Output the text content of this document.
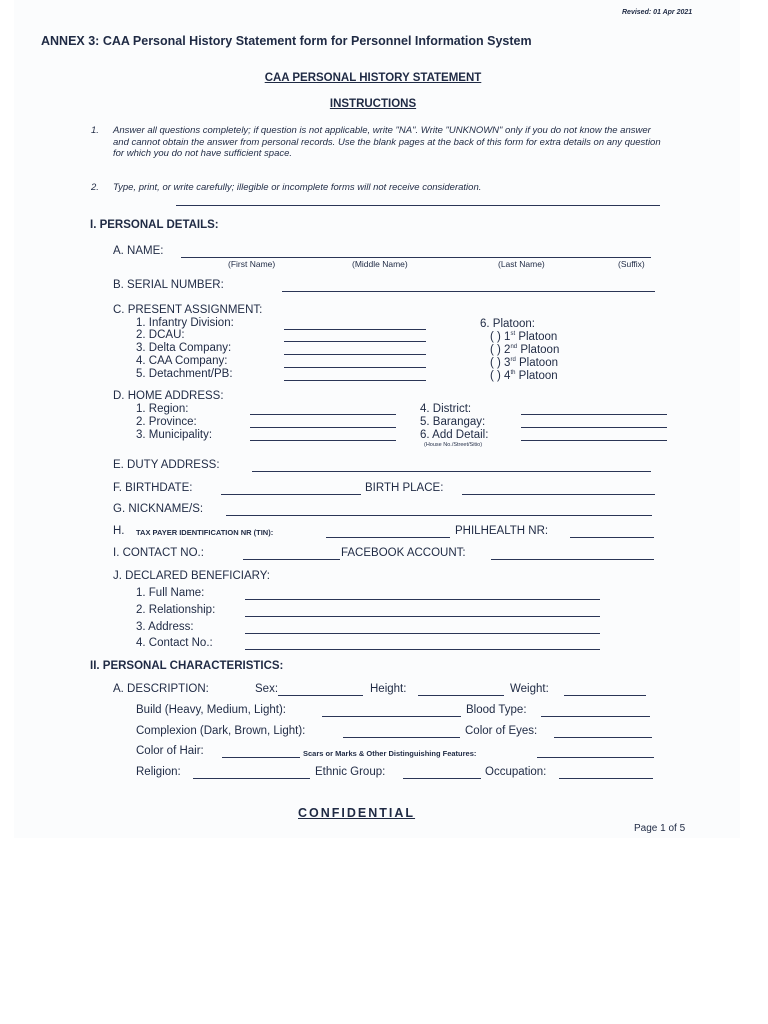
Revised: 01 Apr 2021
ANNEX 3: CAA Personal History Statement form for Personnel Information System
CAA PERSONAL HISTORY STATEMENT
INSTRUCTIONS
1. Answer all questions completely; if question is not applicable, write "NA". Write "UNKNOWN" only if you do not know the answer and cannot obtain the answer from personal records. Use the blank pages at the back of this form for extra details on any question for which you do not have sufficient space.
2. Type, print, or write carefully; illegible or incomplete forms will not receive consideration.
I. PERSONAL DETAILS:
A. NAME:
(First Name)	(Middle Name)	(Last Name)	(Suffix)
B. SERIAL NUMBER:
C. PRESENT ASSIGNMENT:
1. Infantry Division:
2. DCAU:
3. Delta Company:
4. CAA Company:
5. Detachment/PB:
6. Platoon:
( ) 1st Platoon
( ) 2nd Platoon
( ) 3rd Platoon
( ) 4th Platoon
D. HOME ADDRESS:
1. Region:
2. Province:
3. Municipality:
4. District:
5. Barangay:
6. Add Detail:
(House No./Street/Sitio)
E. DUTY ADDRESS:
F. BIRTHDATE:	BIRTH PLACE:
G. NICKNAME/S:
H. TAX PAYER IDENTIFICATION NR (TIN):	PHILHEALTH NR:
I. CONTACT NO.:	FACEBOOK ACCOUNT:
J. DECLARED BENEFICIARY:
1. Full Name:
2. Relationship:
3. Address:
4. Contact No.:
II. PERSONAL CHARACTERISTICS:
A. DESCRIPTION:	Sex:	Height:	Weight:
Build (Heavy, Medium, Light):	Blood Type:
Complexion (Dark, Brown, Light):	Color of Eyes:
Color of Hair:	Scars or Marks & Other Distinguishing Features:
Religion:	Ethnic Group:	Occupation:
CONFIDENTIAL
Page 1 of 5
